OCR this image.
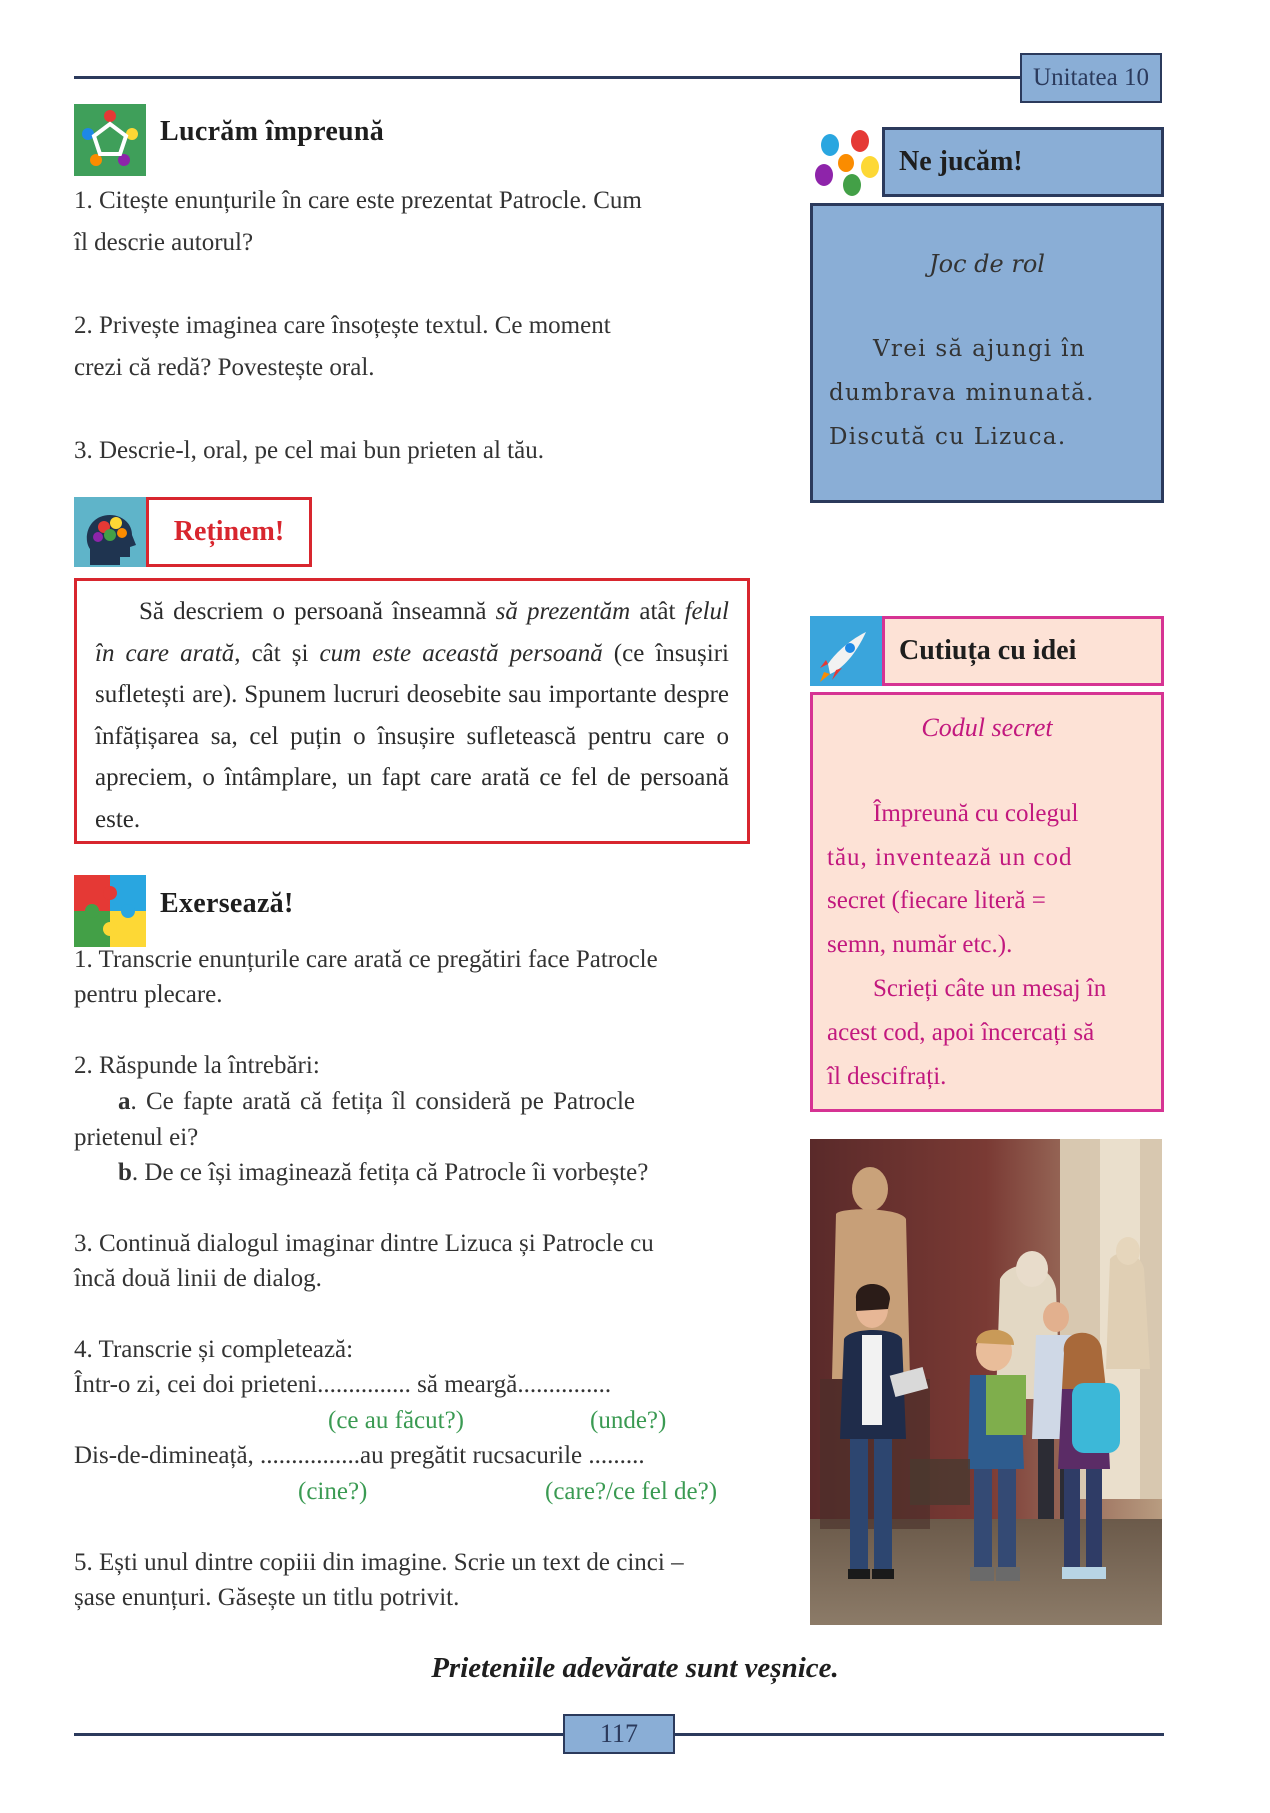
Unitatea 10
Lucrăm împreună
1. Citește enunțurile în care este prezentat Patrocle. Cum
îl descrie autorul?
2. Privește imaginea care însoțește textul. Ce moment
crezi că redă? Povestește oral.
3. Descrie-l, oral, pe cel mai bun prieten al tău.
Reținem!
Să descriem o persoană înseamnă să prezentăm atât felul în care arată, cât și cum este această persoană (ce însușiri sufletești are). Spunem lucruri deosebite sau importante despre înfățișarea sa, cel puțin o însușire sufletească pentru care o apreciem, o întâmplare, un fapt care arată ce fel de persoană este.
Exersează!
1. Transcrie enunțurile care arată ce pregătiri face Patrocle
pentru plecare.
2. Răspunde la întrebări:
a. Ce fapte arată că fetița îl consideră pe Patrocle
prietenul ei?
b. De ce își imaginează fetița că Patrocle îi vorbește?
3. Continuă dialogul imaginar dintre Lizuca și Patrocle cu
încă două linii de dialog.
4. Transcrie și completează:
Într-o zi, cei doi prieteni............... să meargă...............
(ce au făcut?)	(unde?)
Dis-de-dimineață, ................au pregătit rucsacurile .........
(cine?)	(care?/ce fel de?)
5. Ești unul dintre copiii din imagine. Scrie un text de cinci –
șase enunțuri. Găsește un titlu potrivit.
Ne jucăm!
Joc de rol
Vrei să ajungi în
dumbrava minunată.
Discută cu Lizuca.
Cutiuța cu idei
Codul secret
Împreună cu colegul
tău, inventează un cod
secret (fiecare literă =
semn, număr etc.).
Scrieți câte un mesaj în
acest cod, apoi încercați să
îl descifrați.
Prieteniile adevărate sunt veșnice.
117
